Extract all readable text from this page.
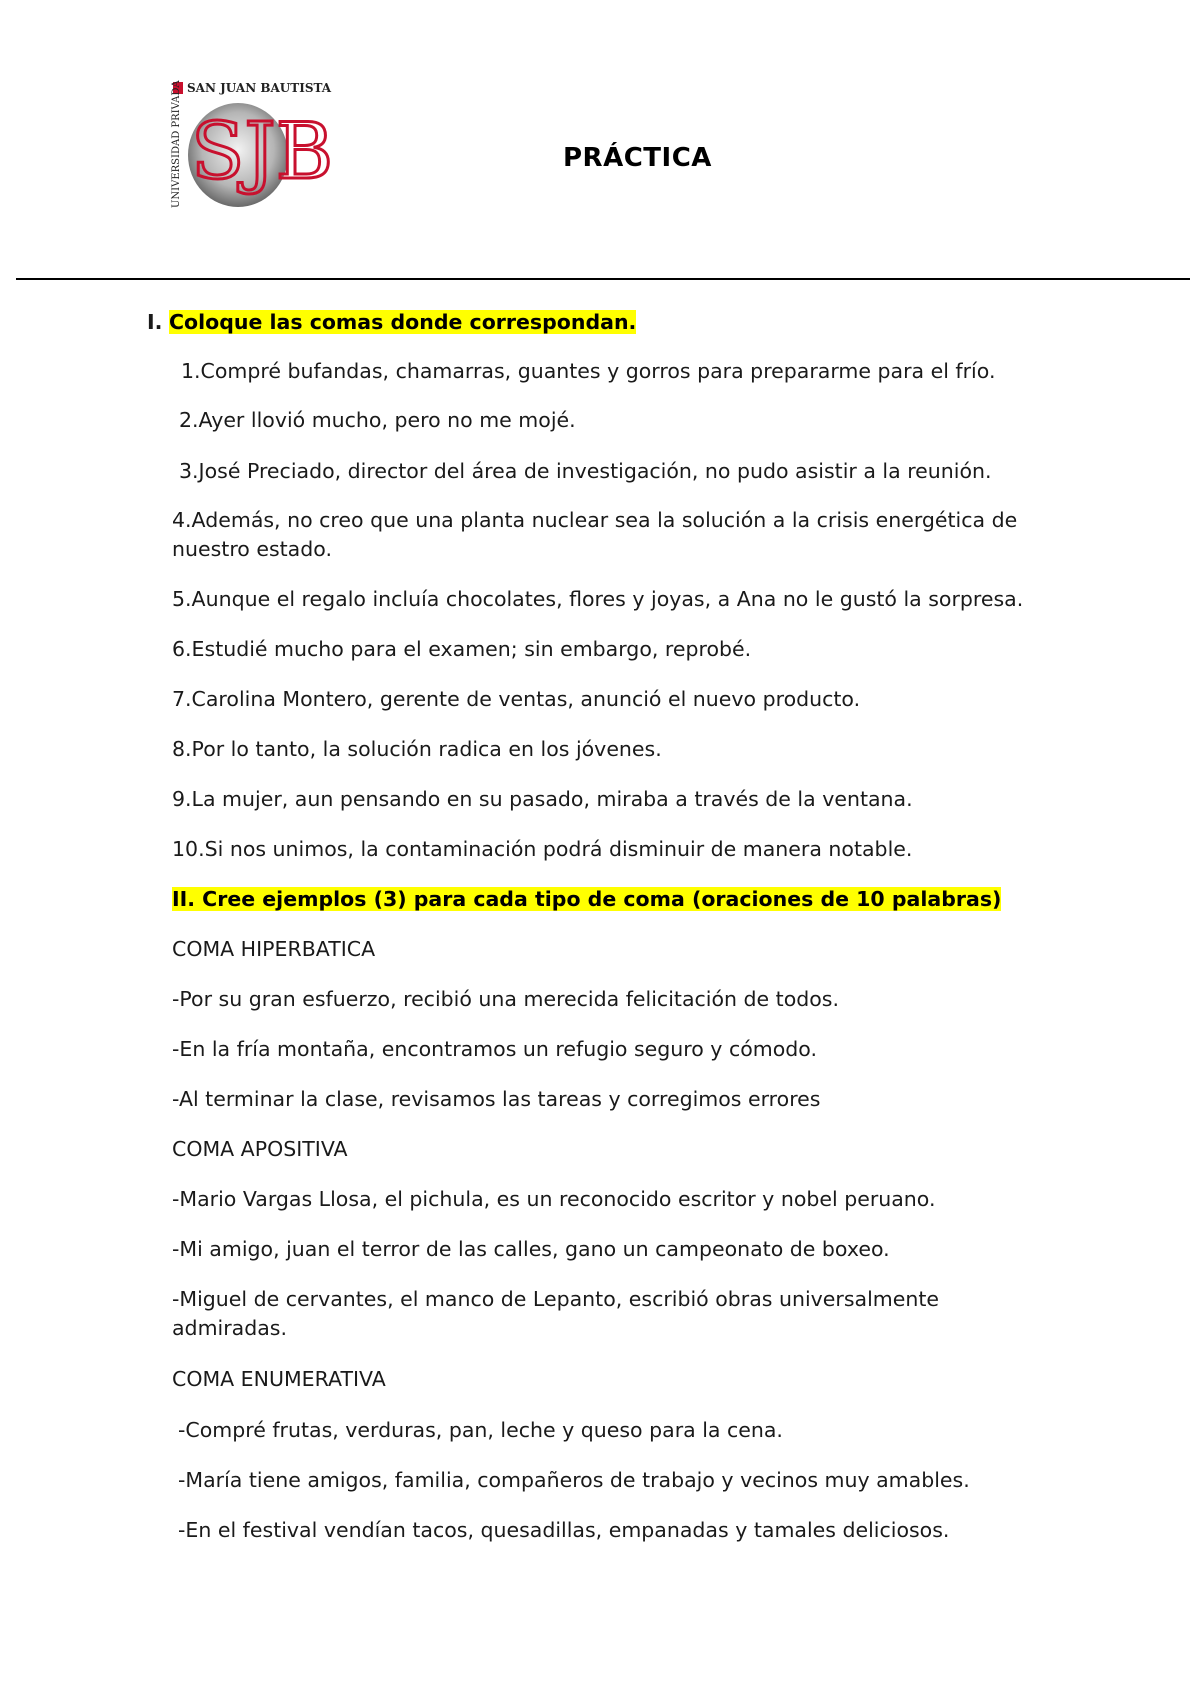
SAN JUAN BAUTISTA
UNIVERSIDAD PRIVADA SJB	PRÁCTICA
I. Coloque las comas donde correspondan.
1.Compré bufandas, chamarras, guantes y gorros para prepararme para el frío.
2.Ayer llovió mucho, pero no me mojé.
3.José Preciado, director del área de investigación, no pudo asistir a la reunión.
4.Además, no creo que una planta nuclear sea la solución a la crisis energética de
nuestro estado.
5.Aunque el regalo incluía chocolates, flores y joyas, a Ana no le gustó la sorpresa.
6.Estudié mucho para el examen; sin embargo, reprobé.
7.Carolina Montero, gerente de ventas, anunció el nuevo producto.
8.Por lo tanto, la solución radica en los jóvenes.
9.La mujer, aun pensando en su pasado, miraba a través de la ventana.
10.Si nos unimos, la contaminación podrá disminuir de manera notable.
II. Cree ejemplos (3) para cada tipo de coma (oraciones de 10 palabras)
COMA HIPERBATICA
-Por su gran esfuerzo, recibió una merecida felicitación de todos.
-En la fría montaña, encontramos un refugio seguro y cómodo.
-Al terminar la clase, revisamos las tareas y corregimos errores
COMA APOSITIVA
-Mario Vargas Llosa, el pichula, es un reconocido escritor y nobel peruano.
-Mi amigo, juan el terror de las calles, gano un campeonato de boxeo.
-Miguel de cervantes, el manco de Lepanto, escribió obras universalmente
admiradas.
COMA ENUMERATIVA
-Compré frutas, verduras, pan, leche y queso para la cena.
-María tiene amigos, familia, compañeros de trabajo y vecinos muy amables.
-En el festival vendían tacos, quesadillas, empanadas y tamales deliciosos.
